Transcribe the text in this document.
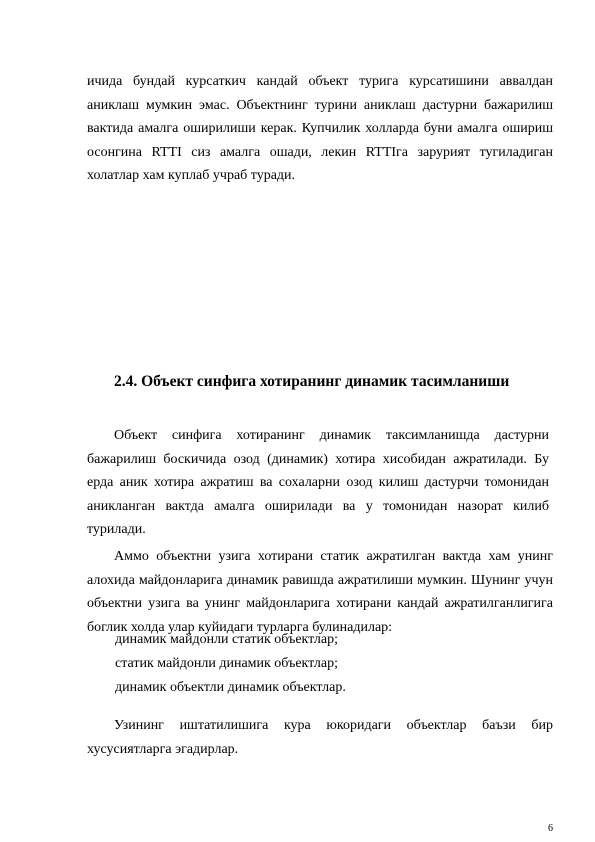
ичида бундай курсаткич кандай объект турига курсатишини аввалдан аниклаш мумкин эмас. Объектнинг турини аниклаш дастурни бажарилиш вактида амалга оширилиши керак. Купчилик холларда буни амалга ошириш осонгина RTTI сиз амалга ошади, лекин RTTIга зарурият тугиладиган холатлар хам куплаб учраб туради.

2.4. Объект синфига хотиранинг динамик тасимланиши

Объект синфига хотиранинг динамик таксимланишда дастурни бажарилиш боскичида озод (динамик) хотира хисобидан ажратилади. Бу ерда аник хотира ажратиш ва сохаларни озод килиш дастурчи томонидан аникланган вактда амалга оширилади ва у томонидан назорат килиб турилади.

Аммо объектни узига хотирани статик ажратилган вактда хам унинг алохида майдонларига динамик равишда ажратилиши мумкин. Шунинг учун объектни узига ва унинг майдонларига хотирани кандай ажратилганлигига боглик холда улар куйидаги турларга булинадилар:

динамик майдонли статик объектлар;
статик майдонли динамик объектлар;
динамик объектли динамик объектлар.

Узининг иштатилишига кура юкоридаги объектлар баъзи бир хусусиятларга эгадирлар.

6
